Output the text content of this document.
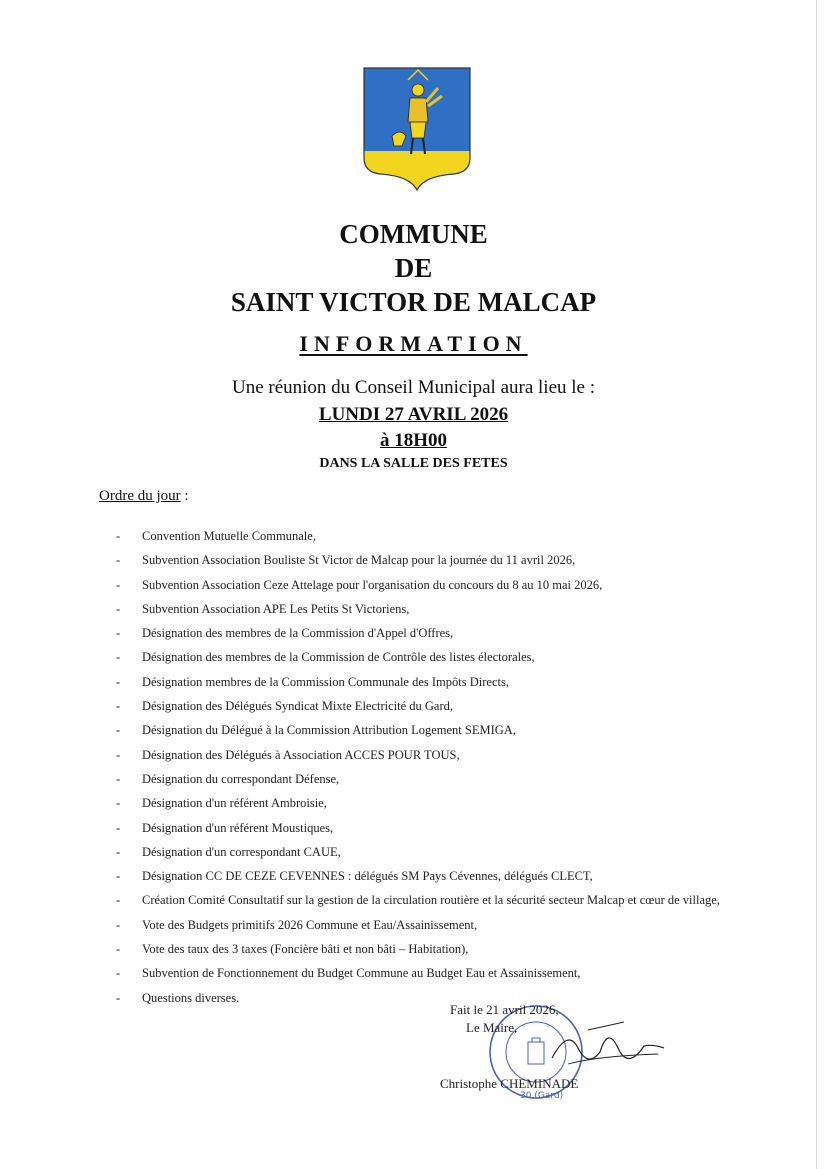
COMMUNE
DE
SAINT VICTOR DE MALCAP
INFORMATION
Une réunion du Conseil Municipal aura lieu le :
LUNDI 27 AVRIL 2026
à 18H00
DANS LA SALLE DES FETES
Ordre du jour :
- Convention Mutuelle Communale,
- Subvention Association Bouliste St Victor de Malcap pour la journée du 11 avril 2026,
- Subvention Association Ceze Attelage pour l'organisation du concours du 8 au 10 mai 2026,
- Subvention Association APE Les Petits St Victoriens,
- Désignation des membres de la Commission d'Appel d'Offres,
- Désignation des membres de la Commission de Contrôle des listes électorales,
- Désignation membres de la Commission Communale des Impôts Directs,
- Désignation des Délégués Syndicat Mixte Electricité du Gard,
- Désignation du Délégué à la Commission Attribution Logement SEMIGA,
- Désignation des Délégués à Association ACCES POUR TOUS,
- Désignation du correspondant Défense,
- Désignation d'un référent Ambroisie,
- Désignation d'un référent Moustiques,
- Désignation d'un correspondant CAUE,
- Désignation CC DE CEZE CEVENNES : délégués SM Pays Cévennes, délégués CLECT,
- Création Comité Consultatif sur la gestion de la circulation routière et la sécurité secteur Malcap et cœur de village,
- Vote des Budgets primitifs 2026 Commune et Eau/Assainissement,
- Vote des taux des 3 taxes (Foncière bâti et non bâti – Habitation),
- Subvention de Fonctionnement du Budget Commune au Budget Eau et Assainissement,
- Questions diverses.
30 (Gard)
Fait le 21 avril 2026,
Le Maire,
Christophe CHEMINADE
